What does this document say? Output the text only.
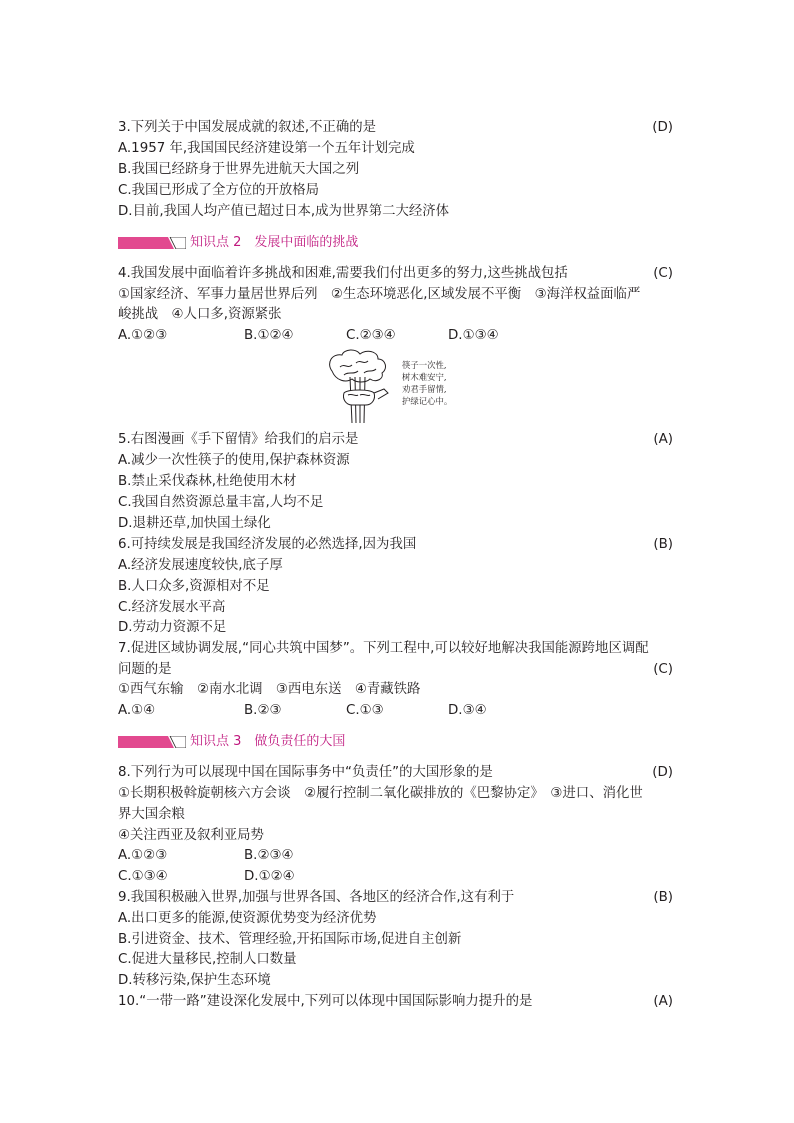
3.下列关于中国发展成就的叙述,不正确的是	(D)
A.1957 年,我国国民经济建设第一个五年计划完成
B.我国已经跻身于世界先进航天大国之列
C.我国已形成了全方位的开放格局
D.目前,我国人均产值已超过日本,成为世界第二大经济体
知识点 2　发展中面临的挑战
4.我国发展中面临着许多挑战和困难,需要我们付出更多的努力,这些挑战包括	(C)
①国家经济、军事力量居世界后列　②生态环境恶化,区域发展不平衡　③海洋权益面临严
峻挑战　④人口多,资源紧张
A.①②③	B.①②④	C.②③④	D.①③④
筷子一次性,
树木难安宁,
劝君手留情,
护绿记心中。
5.右图漫画《手下留情》给我们的启示是	(A)
A.减少一次性筷子的使用,保护森林资源
B.禁止采伐森林,杜绝使用木材
C.我国自然资源总量丰富,人均不足
D.退耕还草,加快国土绿化
6.可持续发展是我国经济发展的必然选择,因为我国	(B)
A.经济发展速度较快,底子厚
B.人口众多,资源相对不足
C.经济发展水平高
D.劳动力资源不足
7.促进区域协调发展,“同心共筑中国梦”。下列工程中,可以较好地解决我国能源跨地区调配
问题的是	(C)
①西气东输　②南水北调　③西电东送　④青藏铁路
A.①④	B.②③	C.①③	D.③④
知识点 3　做负责任的大国
8.下列行为可以展现中国在国际事务中“负责任”的大国形象的是	(D)
①长期积极斡旋朝核六方会谈　②履行控制二氧化碳排放的《巴黎协定》　③进口、消化世
界大国余粮
④关注西亚及叙利亚局势
A.①②③	B.②③④
C.①③④	D.①②④
9.我国积极融入世界,加强与世界各国、各地区的经济合作,这有利于	(B)
A.出口更多的能源,使资源优势变为经济优势
B.引进资金、技术、管理经验,开拓国际市场,促进自主创新
C.促进大量移民,控制人口数量
D.转移污染,保护生态环境
10.“一带一路”建设深化发展中,下列可以体现中国国际影响力提升的是	(A)
